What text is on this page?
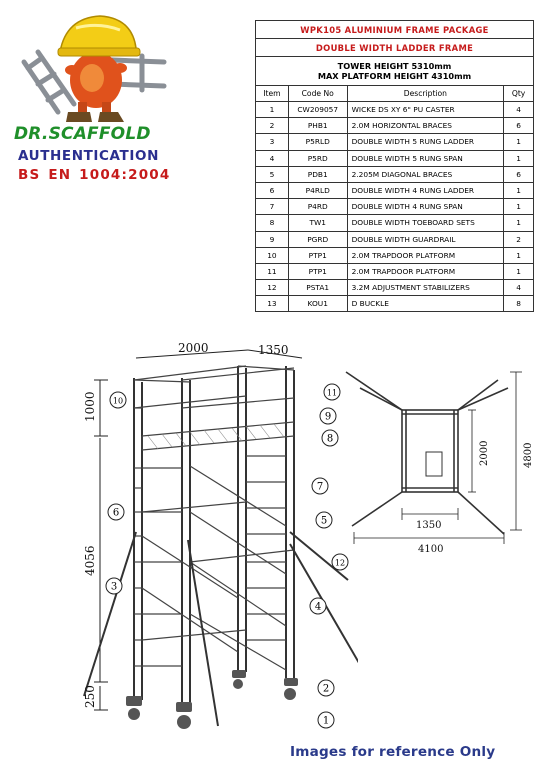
DR.SCAFFOLD
AUTHENTICATION
BS EN 1004:2004
WPK105 ALUMINIUM FRAME PACKAGE			
DOUBLE WIDTH LADDER FRAME			
TOWER HEIGHT 5310mm
MAX PLATFORM HEIGHT 4310mm			
Item	Code No	Description	Qty
1	CW209057	WICKE DS XY 6" PU CASTER	4
2	PHB1	2.0M HORIZONTAL BRACES	6
3	P5RLD	DOUBLE WIDTH 5 RUNG LADDER	1
4	P5RD	DOUBLE WIDTH 5 RUNG SPAN	1
5	PDB1	2.205M DIAGONAL BRACES	6
6	P4RLD	DOUBLE WIDTH 4 RUNG LADDER	1
7	P4RD	DOUBLE WIDTH 4 RUNG SPAN	1
8	TW1	DOUBLE WIDTH TOEBOARD SETS	1
9	PGRD	DOUBLE WIDTH GUARDRAIL	2
10	PTP1	2.0M TRAPDOOR PLATFORM	1
11	PTP1	2.0M TRAPDOOR PLATFORM	1
12	PSTA1	3.2M ADJUSTMENT STABILIZERS	4
13	KOU1	D BUCKLE	8
2000	1350
1000
4056
250
1
2
3
4
5
6
7
8
9
10
11
12
2000	4800
1350
4100
Images for reference Only
